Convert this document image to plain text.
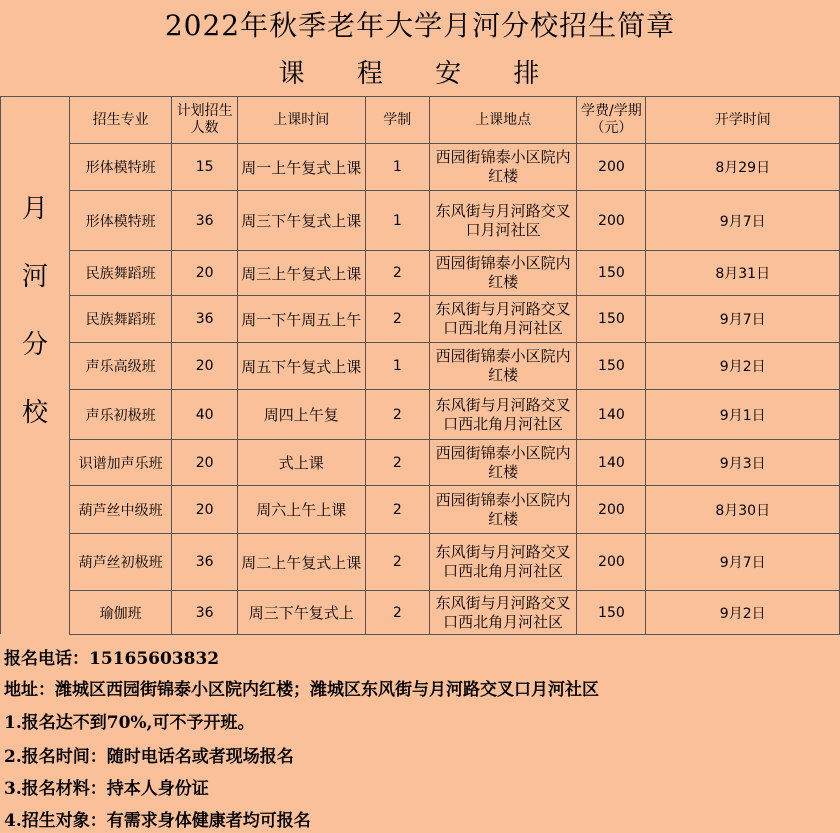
2022年秋季老年大学月河分校招生简章
课 程 安 排
月
河
分
校
招生专业	计划招生人数	上课时间	学制	上课地点	学费/学期（元）	开学时间
形体模特班	15	周一上午复式上课	1	西园街锦泰小区院内红楼	200	8月29日
形体模特班	36	周三下午复式上课	1	东风街与月河路交叉口月河社区	200	9月7日
民族舞蹈班	20	周三上午复式上课	2	西园街锦泰小区院内红楼	150	8月31日
民族舞蹈班	36	周一下午周五上午	2	东风街与月河路交叉口西北角月河社区	150	9月7日
声乐高级班	20	周五下午复式上课	1	西园街锦泰小区院内红楼	150	9月2日
声乐初极班	40	周四上午复	2	东风街与月河路交叉口西北角月河社区	140	9月1日
识谱加声乐班	20	式上课	2	西园街锦泰小区院内红楼	140	9月3日
葫芦丝中级班	20	周六上午上课	2	西园街锦泰小区院内红楼	200	8月30日
葫芦丝初极班	36	周二上午复式上课	2	东风街与月河路交叉口西北角月河社区	200	9月7日
瑜伽班	36	周三下午复式上	2	东风街与月河路交叉口西北角月河社区	150	9月2日
报名电话：15165603832
地址：潍城区西园街锦泰小区院内红楼；潍城区东风街与月河路交叉口月河社区
1.报名达不到70%,可不予开班。
2.报名时间：随时电话名或者现场报名
3.报名材料：持本人身份证
4.招生对象：有需求身体健康者均可报名
